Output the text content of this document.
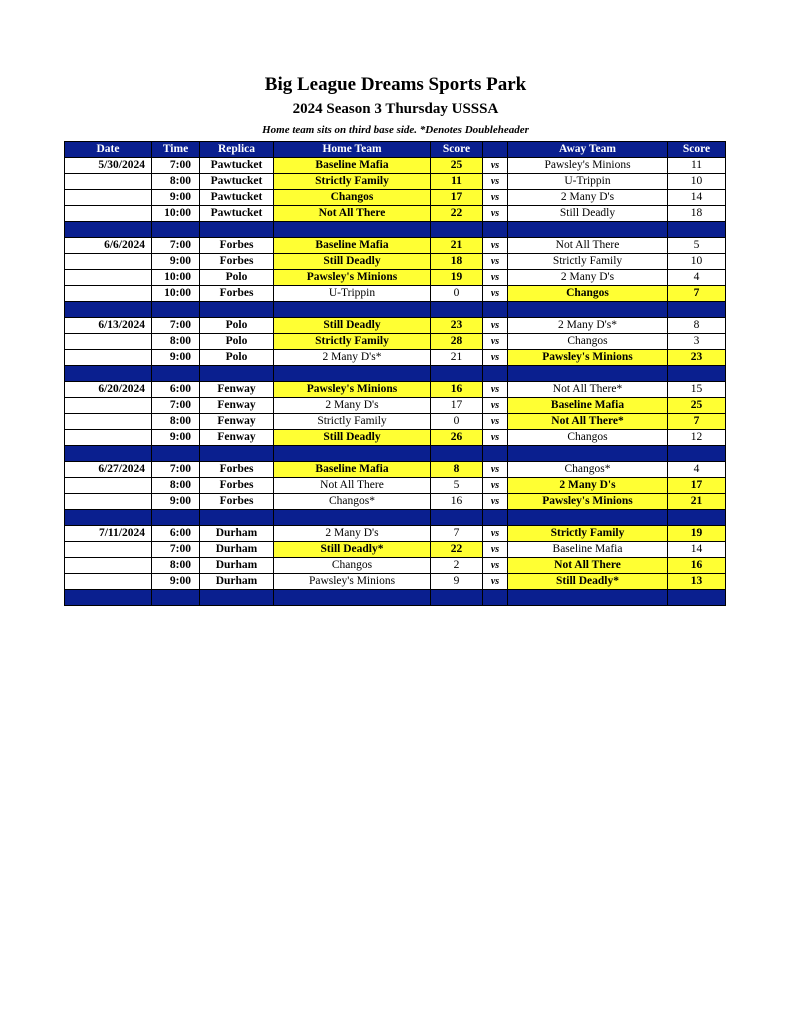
Big League Dreams Sports Park
2024 Season 3 Thursday USSSA
Home team sits on third base side. *Denotes Doubleheader
Date	Time	Replica	Home Team	Score		Away Team	Score
5/30/2024	7:00	Pawtucket	Baseline Mafia	25	vs	Pawsley's Minions	11
	8:00	Pawtucket	Strictly Family	11	vs	U-Trippin	10
	9:00	Pawtucket	Changos	17	vs	2 Many D's	14
	10:00	Pawtucket	Not All There	22	vs	Still Deadly	18

6/6/2024	7:00	Forbes	Baseline Mafia	21	vs	Not All There	5
	9:00	Forbes	Still Deadly	18	vs	Strictly Family	10
	10:00	Polo	Pawsley's Minions	19	vs	2 Many D's	4
	10:00	Forbes	U-Trippin	0	vs	Changos	7

6/13/2024	7:00	Polo	Still Deadly	23	vs	2 Many D's*	8
	8:00	Polo	Strictly Family	28	vs	Changos	3
	9:00	Polo	2 Many D's*	21	vs	Pawsley's Minions	23

6/20/2024	6:00	Fenway	Pawsley's Minions	16	vs	Not All There*	15
	7:00	Fenway	2 Many D's	17	vs	Baseline Mafia	25
	8:00	Fenway	Strictly Family	0	vs	Not All There*	7
	9:00	Fenway	Still Deadly	26	vs	Changos	12

6/27/2024	7:00	Forbes	Baseline Mafia	8	vs	Changos*	4
	8:00	Forbes	Not All There	5	vs	2 Many D's	17
	9:00	Forbes	Changos*	16	vs	Pawsley's Minions	21

7/11/2024	6:00	Durham	2 Many D's	7	vs	Strictly Family	19
	7:00	Durham	Still Deadly*	22	vs	Baseline Mafia	14
	8:00	Durham	Changos	2	vs	Not All There	16
	9:00	Durham	Pawsley's Minions	9	vs	Still Deadly*	13
